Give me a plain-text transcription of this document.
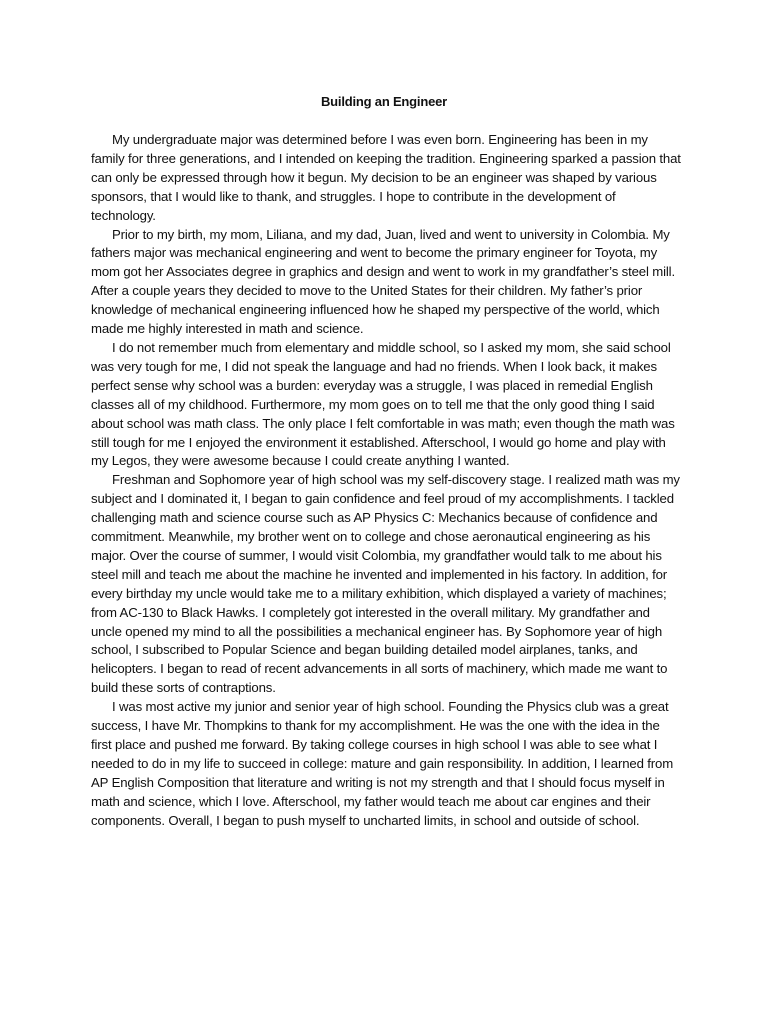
Building an Engineer

My undergraduate major was determined before I was even born. Engineering has been in my family for three generations, and I intended on keeping the tradition. Engineering sparked a passion that can only be expressed through how it begun. My decision to be an engineer was shaped by various sponsors, that I would like to thank, and struggles. I hope to contribute in the development of technology.

Prior to my birth, my mom, Liliana, and my dad, Juan, lived and went to university in Colombia. My fathers major was mechanical engineering and went to become the primary engineer for Toyota, my mom got her Associates degree in graphics and design and went to work in my grandfather’s steel mill. After a couple years they decided to move to the United States for their children. My father’s prior knowledge of mechanical engineering influenced how he shaped my perspective of the world, which made me highly interested in math and science.

I do not remember much from elementary and middle school, so I asked my mom, she said school was very tough for me, I did not speak the language and had no friends. When I look back, it makes perfect sense why school was a burden: everyday was a struggle, I was placed in remedial English classes all of my childhood. Furthermore, my mom goes on to tell me that the only good thing I said about school was math class. The only place I felt comfortable in was math; even though the math was still tough for me I enjoyed the environment it established. Afterschool, I would go home and play with my Legos, they were awesome because I could create anything I wanted.

Freshman and Sophomore year of high school was my self-discovery stage. I realized math was my subject and I dominated it, I began to gain confidence and feel proud of my accomplishments. I tackled challenging math and science course such as AP Physics C: Mechanics because of confidence and commitment. Meanwhile, my brother went on to college and chose aeronautical engineering as his major. Over the course of summer, I would visit Colombia, my grandfather would talk to me about his steel mill and teach me about the machine he invented and implemented in his factory. In addition, for every birthday my uncle would take me to a military exhibition, which displayed a variety of machines; from AC-130 to Black Hawks. I completely got interested in the overall military. My grandfather and uncle opened my mind to all the possibilities a mechanical engineer has. By Sophomore year of high school, I subscribed to Popular Science and began building detailed model airplanes, tanks, and helicopters. I began to read of recent advancements in all sorts of machinery, which made me want to build these sorts of contraptions.

I was most active my junior and senior year of high school. Founding the Physics club was a great success, I have Mr. Thompkins to thank for my accomplishment. He was the one with the idea in the first place and pushed me forward. By taking college courses in high school I was able to see what I needed to do in my life to succeed in college: mature and gain responsibility. In addition, I learned from AP English Composition that literature and writing is not my strength and that I should focus myself in math and science, which I love. Afterschool, my father would teach me about car engines and their components. Overall, I began to push myself to uncharted limits, in school and outside of school.
